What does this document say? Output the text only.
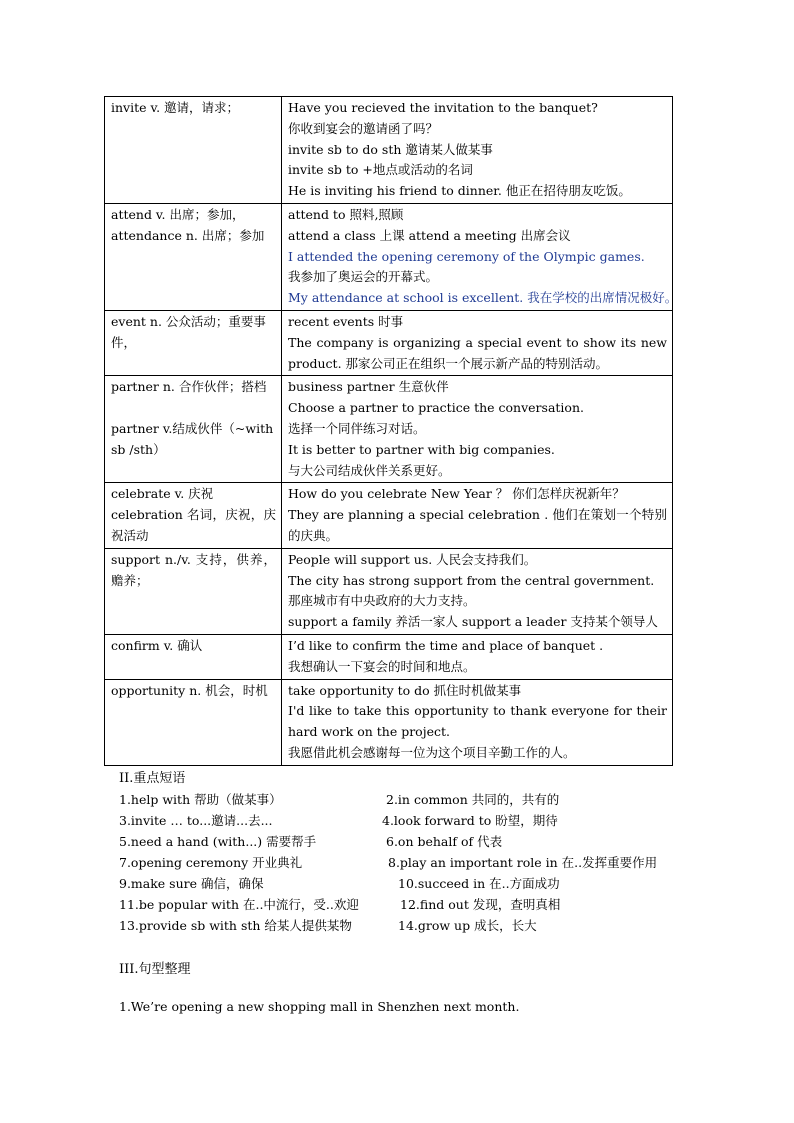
invite v. 邀请，请求；	Have you recieved the invitation to the banquet?
你收到宴会的邀请函了吗？
invite sb to do sth 邀请某人做某事
invite sb to +地点或活动的名词
He is inviting his friend to dinner. 他正在招待朋友吃饭。

attend v. 出席；参加，
attendance n. 出席；参加	attend to 照料,照顾
attend a class 上课 attend a meeting 出席会议
I attended the opening ceremony of the Olympic games.
我参加了奥运会的开幕式。
My attendance at school is excellent. 我在学校的出席情况极好。

event n. 公众活动；重要事件，	recent events 时事
The company is organizing a special event to show its new product. 那家公司正在组织一个展示新产品的特别活动。

partner n. 合作伙伴；搭档
partner v.结成伙伴（~with sb /sth）	business partner 生意伙伴
Choose a partner to practice the conversation.
选择一个同伴练习对话。
It is better to partner with big companies.
与大公司结成伙伴关系更好。

celebrate v. 庆祝
celebration 名词，庆祝，庆祝活动	How do you celebrate New Year ？ 你们怎样庆祝新年？
They are planning a special celebration . 他们在策划一个特别的庆典。

support n./v. 支持，供养，赡养；	People will support us. 人民会支持我们。
The city has strong support from the central government.
那座城市有中央政府的大力支持。
support a family 养活一家人 support a leader 支持某个领导人

confirm v. 确认	I’d like to confirm the time and place of banquet .
我想确认一下宴会的时间和地点。

opportunity n. 机会，时机	take opportunity to do 抓住时机做某事
I'd like to take this opportunity to thank everyone for their hard work on the project.
我愿借此机会感谢每一位为这个项目辛勤工作的人。
II.重点短语
1.help with 帮助（做某事）	2.in common 共同的，共有的
3.invite … to...邀请...去...	4.look forward to 盼望，期待
5.need a hand (with...) 需要帮手	6.on behalf of 代表
7.opening ceremony 开业典礼	8.play an important role in 在..发挥重要作用
9.make sure 确信，确保	10.succeed in 在..方面成功
11.be popular with 在..中流行，受..欢迎	12.find out 发现，查明真相
13.provide sb with sth 给某人提供某物	14.grow up 成长，长大
III.句型整理
1.We’re opening a new shopping mall in Shenzhen next month.
